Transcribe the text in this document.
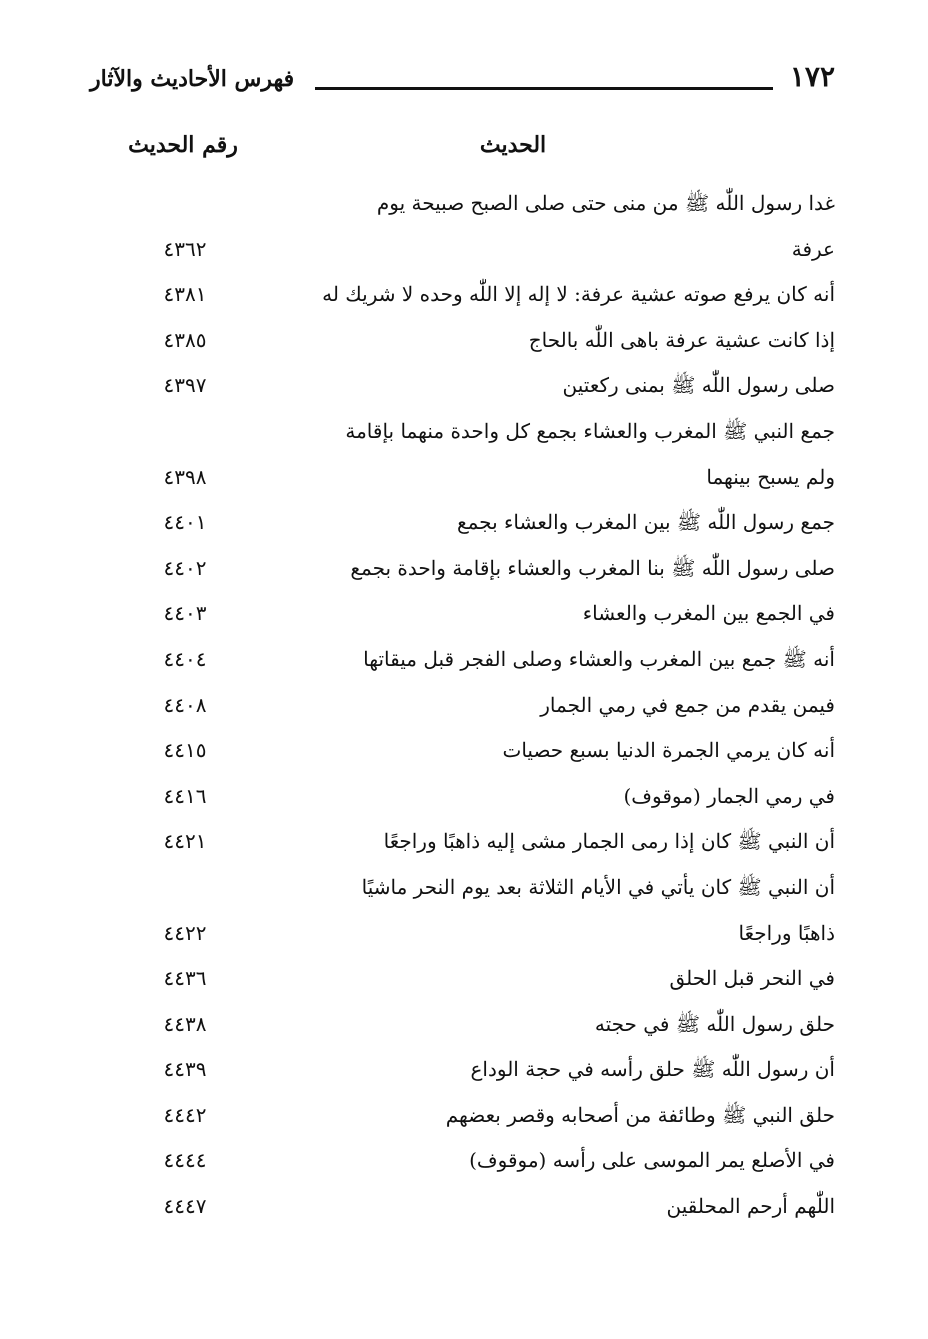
١٧٢
فهرس الأحاديث والآثار
الحديث
رقم الحديث
غدا رسول اللّٰه ﷺ من منى حتى صلى الصبح صبيحة يوم
عرفة
٤٣٦٢
أنه كان يرفع صوته عشية عرفة: لا إله إلا اللّٰه وحده لا شريك له
٤٣٨١
إذا كانت عشية عرفة باهى اللّٰه بالحاج
٤٣٨٥
صلى رسول اللّٰه ﷺ بمنى ركعتين
٤٣٩٧
جمع النبي ﷺ المغرب والعشاء بجمع كل واحدة منهما بإقامة
ولم يسبح بينهما
٤٣٩٨
جمع رسول اللّٰه ﷺ بين المغرب والعشاء بجمع
٤٤٠١
صلى رسول اللّٰه ﷺ بنا المغرب والعشاء بإقامة واحدة بجمع
٤٤٠٢
في الجمع بين المغرب والعشاء
٤٤٠٣
أنه ﷺ جمع بين المغرب والعشاء وصلى الفجر قبل ميقاتها
٤٤٠٤
فيمن يقدم من جمع في رمي الجمار
٤٤٠٨
أنه كان يرمي الجمرة الدنيا بسبع حصيات
٤٤١٥
في رمي الجمار (موقوف)
٤٤١٦
أن النبي ﷺ كان إذا رمى الجمار مشى إليه ذاهبًا وراجعًا
٤٤٢١
أن النبي ﷺ كان يأتي في الأيام الثلاثة بعد يوم النحر ماشيًا
ذاهبًا وراجعًا
٤٤٢٢
في النحر قبل الحلق
٤٤٣٦
حلق رسول اللّٰه ﷺ في حجته
٤٤٣٨
أن رسول اللّٰه ﷺ حلق رأسه في حجة الوداع
٤٤٣٩
حلق النبي ﷺ وطائفة من أصحابه وقصر بعضهم
٤٤٤٢
في الأصلع يمر الموسى على رأسه (موقوف)
٤٤٤٤
اللّٰهم أرحم المحلقين
٤٤٤٧
